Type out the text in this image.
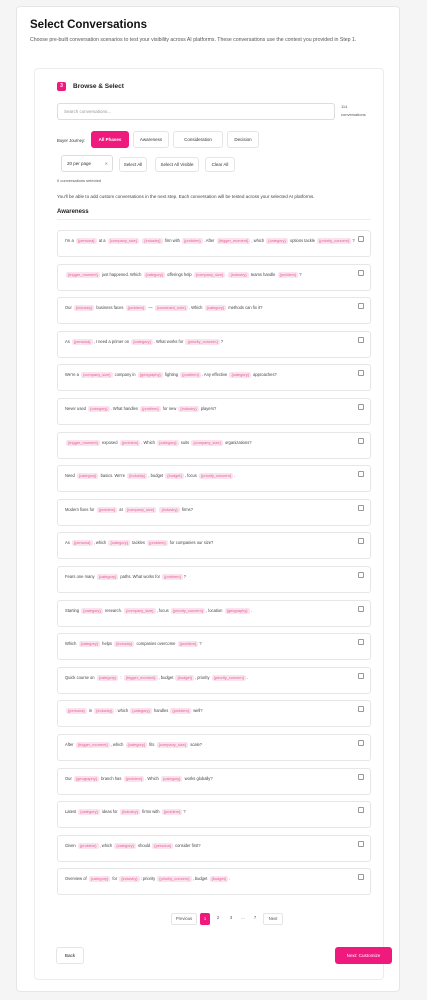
Select Conversations
Choose pre-built conversation scenarios to test your visibility across AI platforms. These conversations use the context you provided in Step 1.
3	Browse & Select
Search conversations...
114 conversations
Buyer Journey:	All Phases	Awareness	Consideration	Decision
20 per page	✕	Select All	Select All Visible	Clear All
0 conversations selected
You'll be able to add custom conversations in the next step. Each conversation will be tested across your selected AI platforms.
Awareness
I'm a {persona} at a {company_size} {industry} firm with {problem} . After {trigger_moment} , which {category} options tackle {priority_concern} ?
{trigger_moment} just happened. Which {category} offerings help {company_size} {industry} teams handle {problem} ?
Our {industry} business faces {problem} — {constraint_note} . Which {category} methods can fix it?
As {persona} , I need a primer on {category} . What works for {priority_concern} ?
We're a {company_size} company in {geography} fighting {problem} . Any effective {category} approaches?
Never used {category} . What handles {problem} for new {industry} players?
{trigger_moment} exposed {problem} . Which {category} suits {company_size} organizations?
Need {category} basics. We're {industry} , budget {budget} , focus {priority_concern} .
Modern fixes for {problem} at {company_size} {industry} firms?
As {persona} , which {category} tackles {problem} for companies our size?
Fears one many {category} paths. What works for {problem} ?
Starting {category} research. {company_size} , focus {priority_concern} , location {geography} .
Which {category} helps {industry} companies overcome {problem} ?
Quick course on {category} : {trigger_moment} , budget {budget} , priority {priority_concern} .
{persona} in {industry} : which {category} handles {problem} well?
After {trigger_moment} , which {category} fits {company_size} scale?
Our {geography} branch has {problem} . Which {category} works globally?
Latest {category} ideas for {industry} firms with {problem} ?
Given {problem} , which {category} should {persona} consider first?
Overview of {category} for {industry} : priority {priority_concern} , budget {budget} .
Previous	1	2	3	...	7	Next
Back	Next: Customize
